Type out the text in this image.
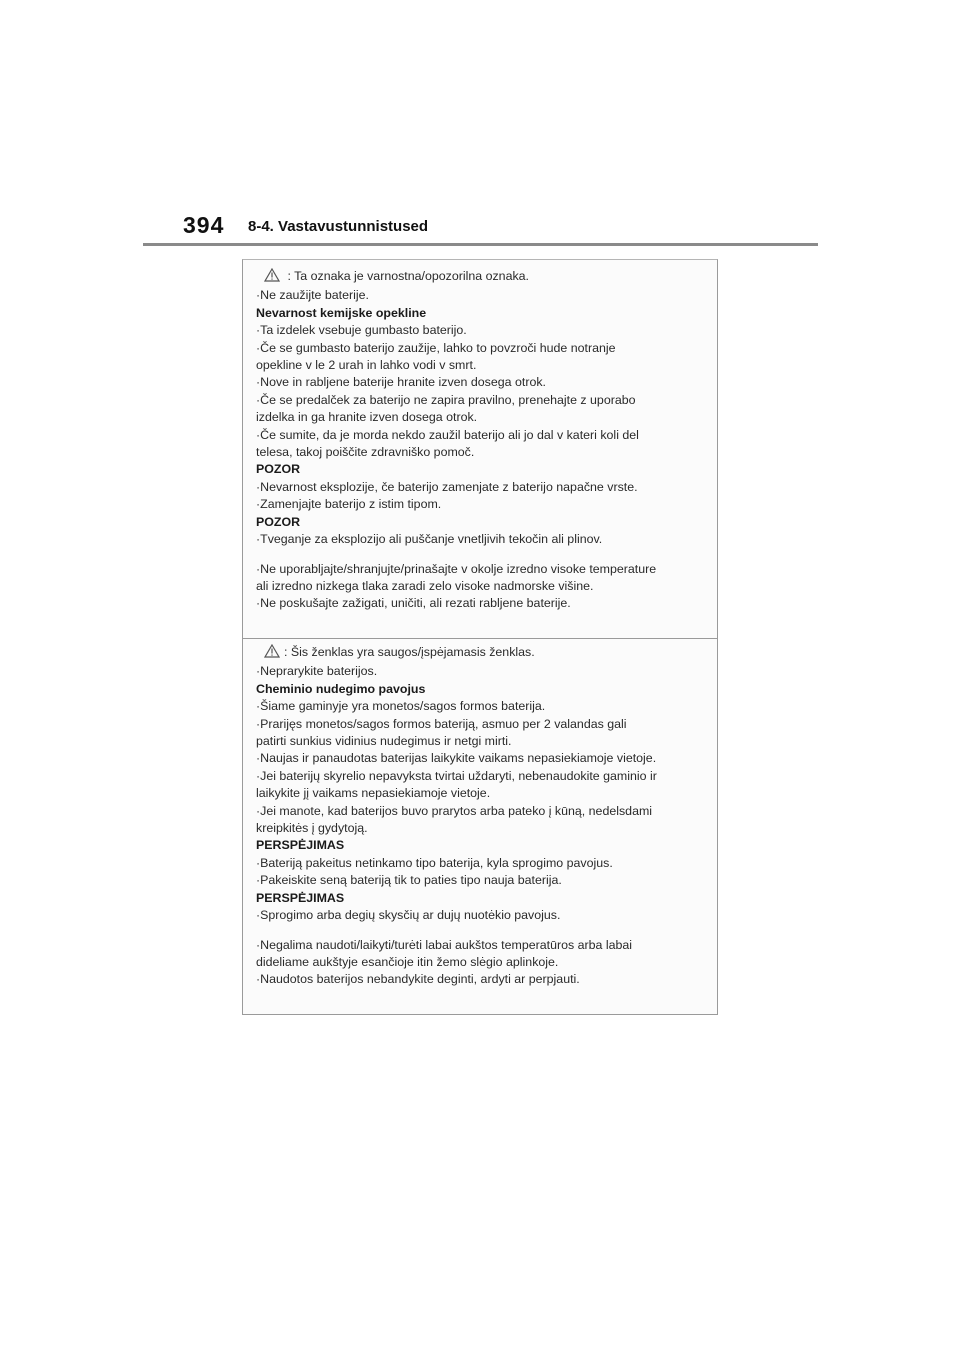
394 8-4. Vastavustunnistused
: Ta oznaka je varnostna/opozorilna oznaka.
·Ne zaužijte baterije.
Nevarnost kemijske opekline
·Ta izdelek vsebuje gumbasto baterijo.
·Če se gumbasto baterijo zaužije, lahko to povzroči hude notranje
opekline v le 2 urah in lahko vodi v smrt.
·Nove in rabljene baterije hranite izven dosega otrok.
·Če se predalček za baterijo ne zapira pravilno, prenehajte z uporabo
izdelka in ga hranite izven dosega otrok.
·Če sumite, da je morda nekdo zaužil baterijo ali jo dal v kateri koli del
telesa, takoj poiščite zdravniško pomoč.
POZOR
·Nevarnost eksplozije, če baterijo zamenjate z baterijo napačne vrste.
·Zamenjajte baterijo z istim tipom.
POZOR
·Tveganje za eksplozijo ali puščanje vnetljivih tekočin ali plinov.
·Ne uporabljajte/shranjujte/prinašajte v okolje izredno visoke temperature
ali izredno nizkega tlaka zaradi zelo visoke nadmorske višine.
·Ne poskušajte zažigati, uničiti, ali rezati rabljene baterije.
: Šis ženklas yra saugos/įspėjamasis ženklas.
·Neprarykite baterijos.
Cheminio nudegimo pavojus
·Šiame gaminyje yra monetos/sagos formos baterija.
·Prarijęs monetos/sagos formos bateriją, asmuo per 2 valandas gali
patirti sunkius vidinius nudegimus ir netgi mirti.
·Naujas ir panaudotas baterijas laikykite vaikams nepasiekiamoje vietoje.
·Jei baterijų skyrelio nepavyksta tvirtai uždaryti, nebenaudokite gaminio ir
laikykite jį vaikams nepasiekiamoje vietoje.
·Jei manote, kad baterijos buvo prarytos arba pateko į kūną, nedelsdami
kreipkitės į gydytoją.
PERSPĖJIMAS
·Bateriją pakeitus netinkamo tipo baterija, kyla sprogimo pavojus.
·Pakeiskite seną bateriją tik to paties tipo nauja baterija.
PERSPĖJIMAS
·Sprogimo arba degių skysčių ar dujų nuotėkio pavojus.
·Negalima naudoti/laikyti/turėti labai aukštos temperatūros arba labai
dideliame aukštyje esančioje itin žemo slėgio aplinkoje.
·Naudotos baterijos nebandykite deginti, ardyti ar perpjauti.
